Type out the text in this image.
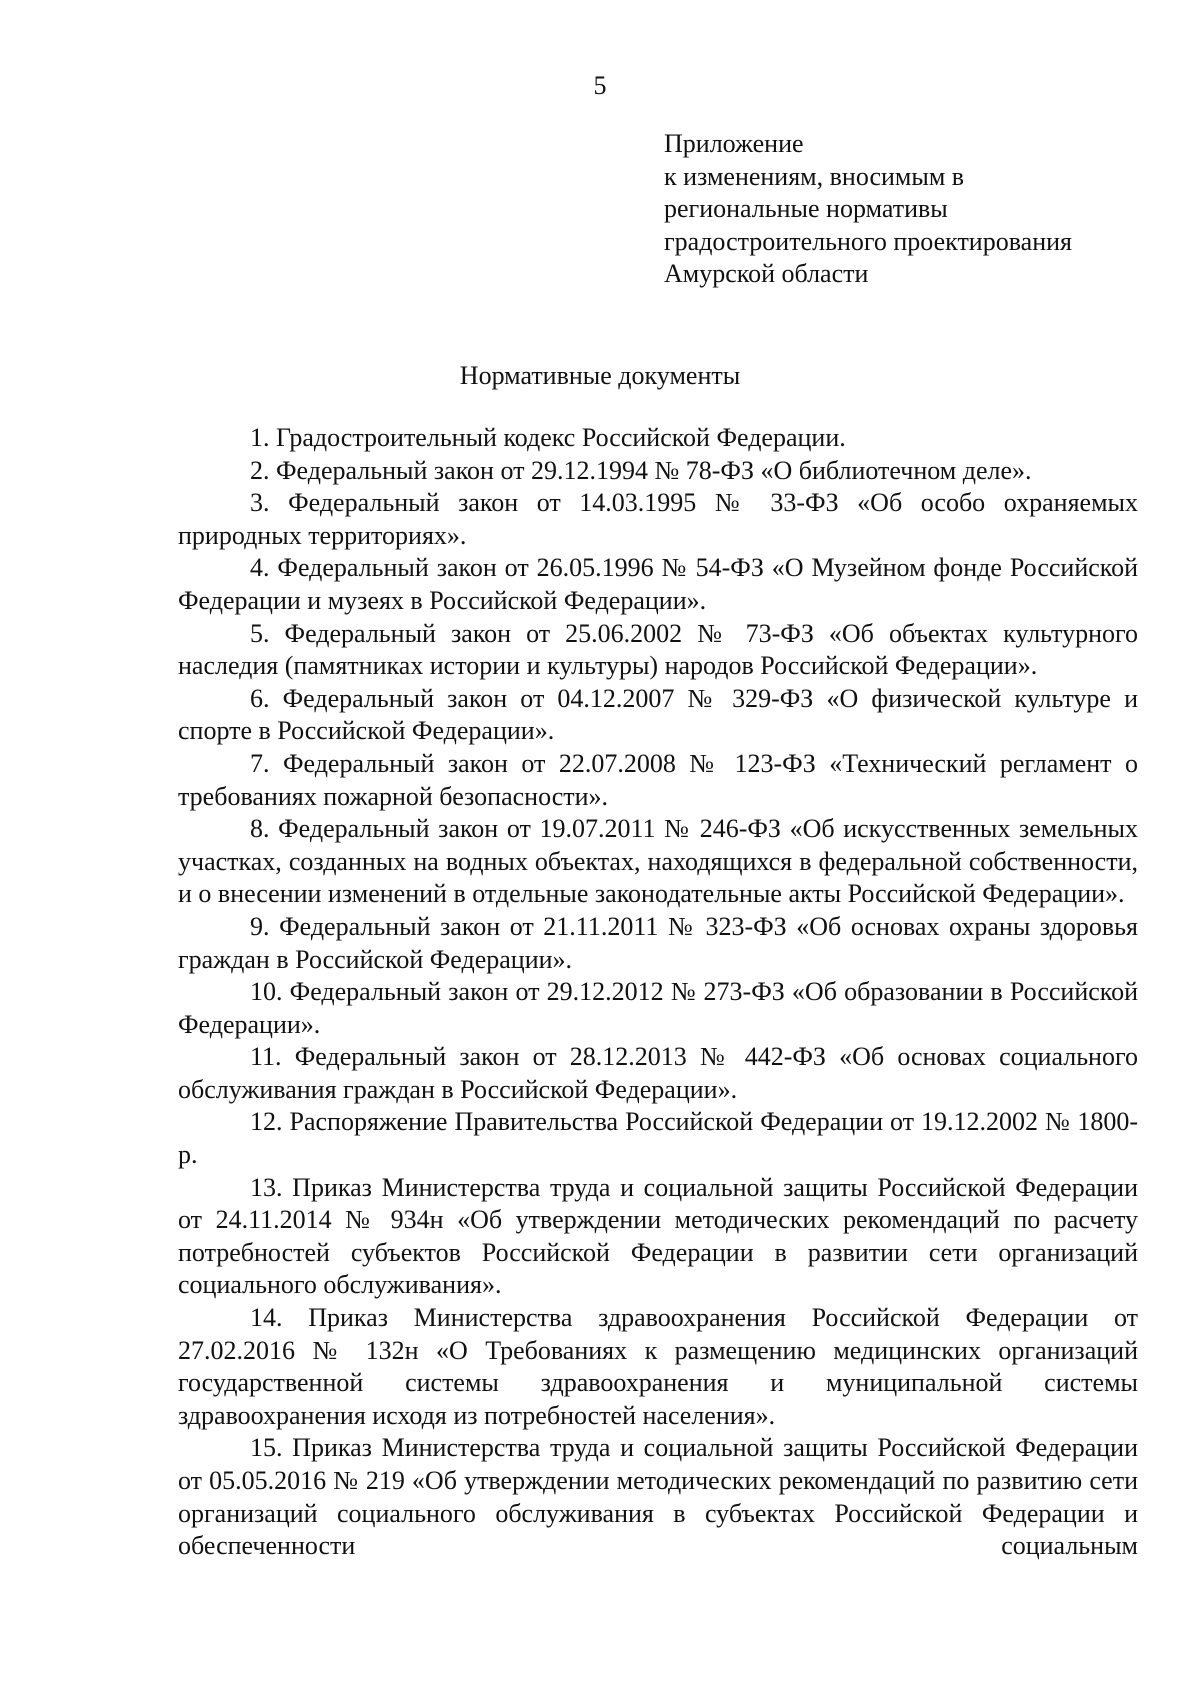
5
Приложение
к изменениям, вносимым в
региональные нормативы
градостроительного проектирования
Амурской области
Нормативные документы

1. Градостроительный кодекс Российской Федерации.

2. Федеральный закон от 29.12.1994 № 78-ФЗ «О библиотечном деле».

3. Федеральный закон от 14.03.1995 № 33-ФЗ «Об особо охраняемых природных территориях».

4. Федеральный закон от 26.05.1996 № 54-ФЗ «О Музейном фонде Российской Федерации и музеях в Российской Федерации».

5. Федеральный закон от 25.06.2002 № 73-ФЗ «Об объектах культурного наследия (памятниках истории и культуры) народов Российской Федерации».

6. Федеральный закон от 04.12.2007 № 329-ФЗ «О физической культуре и спорте в Российской Федерации».

7. Федеральный закон от 22.07.2008 № 123-ФЗ «Технический регламент о требованиях пожарной безопасности».

8. Федеральный закон от 19.07.2011 № 246-ФЗ «Об искусственных земельных участках, созданных на водных объектах, находящихся в федеральной собственности, и о внесении изменений в отдельные законодательные акты Российской Федерации».

9. Федеральный закон от 21.11.2011 № 323-ФЗ «Об основах охраны здоровья граждан в Российской Федерации».

10. Федеральный закон от 29.12.2012 № 273-ФЗ «Об образовании в Российской Федерации».

11. Федеральный закон от 28.12.2013 № 442-ФЗ «Об основах социального обслуживания граждан в Российской Федерации».

12. Распоряжение Правительства Российской Федерации от 19.12.2002 № 1800-р.

13. Приказ Министерства труда и социальной защиты Российской Федерации от 24.11.2014 № 934н «Об утверждении методических рекомендаций по расчету потребностей субъектов Российской Федерации в развитии сети организаций социального обслуживания».

14. Приказ Министерства здравоохранения Российской Федерации от 27.02.2016 № 132н «О Требованиях к размещению медицинских организаций государственной системы здравоохранения и муниципальной системы здравоохранения исходя из потребностей населения».

15. Приказ Министерства труда и социальной защиты Российской Федерации от 05.05.2016 № 219 «Об утверждении методических рекомендаций по развитию сети организаций социального обслуживания в субъектах Российской Федерации и обеспеченности социальным
